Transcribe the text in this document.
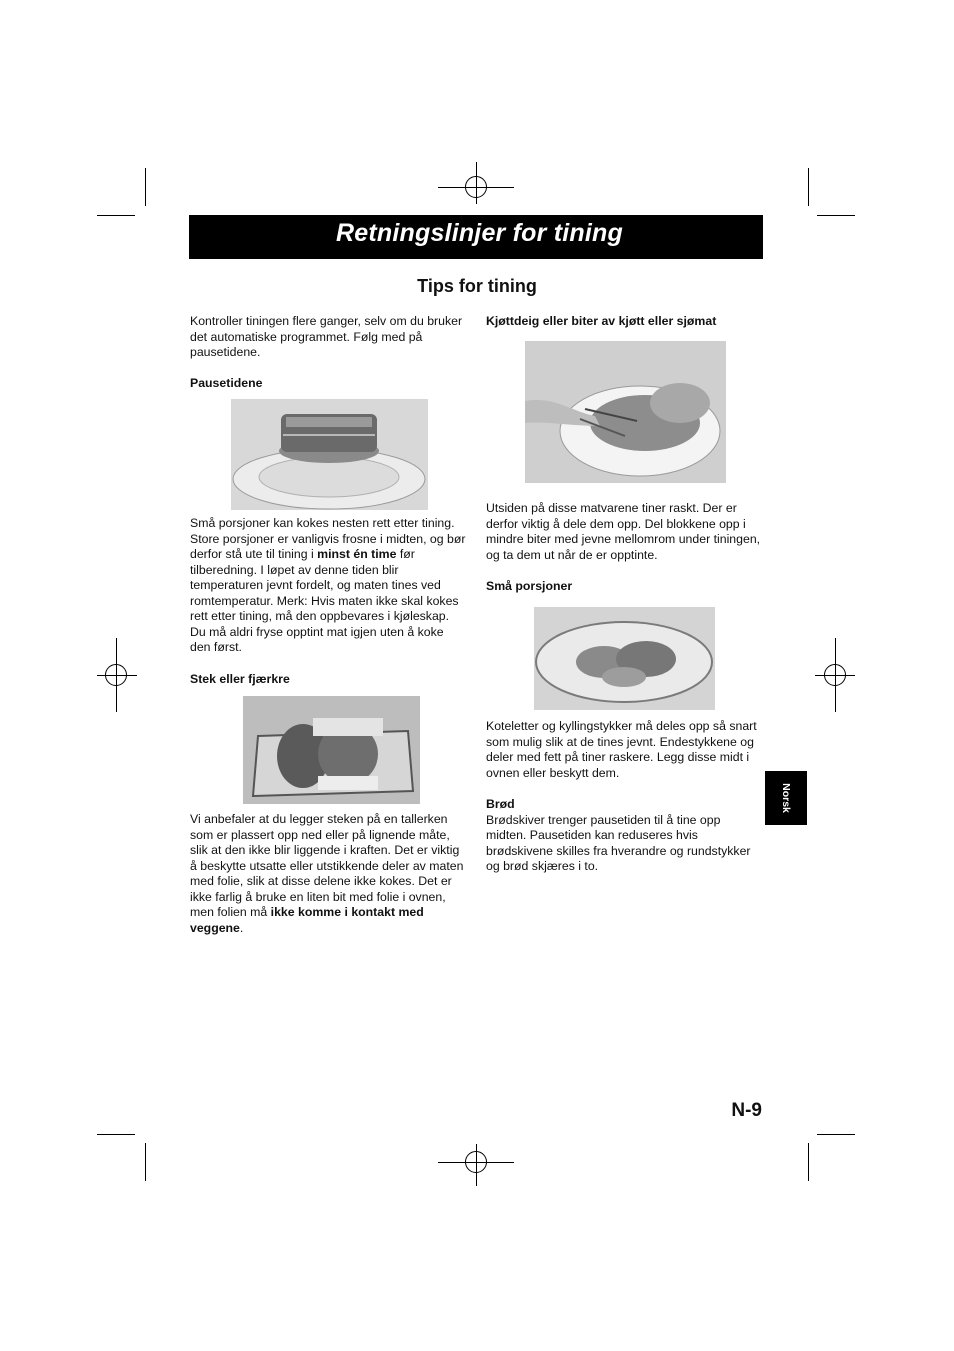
Retningslinjer for tining
Tips for tining

Kontroller tiningen flere ganger, selv om du bruker det automatiske programmet. Følg med på pausetidene.

Pausetidene

Små porsjoner kan kokes nesten rett etter tining. Store porsjoner er vanligvis frosne i midten, og bør derfor stå ute til tining i minst én time før tilberedning. I løpet av denne tiden blir temperaturen jevnt fordelt, og maten tines ved romtemperatur. Merk: Hvis maten ikke skal kokes rett etter tining, må den oppbevares i kjøleskap. Du må aldri fryse opptint mat igjen uten å koke den først.

Stek eller fjærkre

Vi anbefaler at du legger steken på en tallerken som er plassert opp ned eller på lignende måte, slik at den ikke blir liggende i kraften. Det er viktig å beskytte utsatte eller utstikkende deler av maten med folie, slik at disse delene ikke kokes. Det er ikke farlig å bruke en liten bit med folie i ovnen, men folien må ikke komme i kontakt med veggene.

Kjøttdeig eller biter av kjøtt eller sjømat

Utsiden på disse matvarene tiner raskt. Der er derfor viktig å dele dem opp. Del blokkene opp i mindre biter med jevne mellomrom under tiningen, og ta dem ut når de er opptinte.

Små porsjoner

Koteletter og kyllingstykker må deles opp så snart som mulig slik at de tines jevnt. Endestykkene og deler med fett på tiner raskere. Legg disse midt i ovnen eller beskytt dem.

Brød

Brødskiver trenger pausetiden til å tine opp midten. Pausetiden kan reduseres hvis brødskivene skilles fra hverandre og rundstykker og brød skjæres i to.

Norsk
N-9
